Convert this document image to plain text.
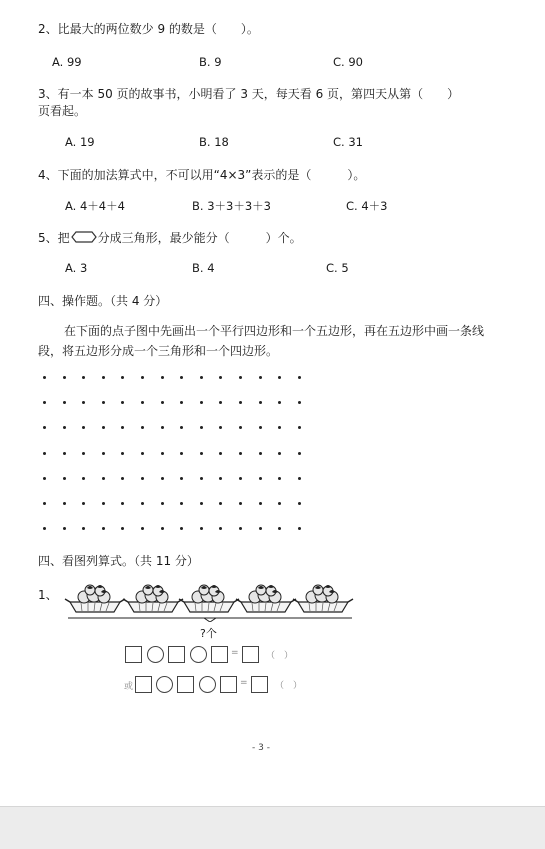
2、比最大的两位数少 9 的数是（　　）。
A. 99	B. 9	C. 90
3、有一本 50 页的故事书，小明看了 3 天，每天看 6 页，第四天从第（　　）
页看起。
A. 19	B. 18	C. 31
4、下面的加法算式中，不可以用“4×3”表示的是（　　　）。
A. 4＋4＋4	B. 3＋3＋3＋3	C. 4＋3
5、把 分成三角形，最少能分（　　　）个。
A. 3	B. 4	C. 5
四、操作题。（共 4 分）
在下面的点子图中先画出一个平行四边形和一个五边形，再在五边形中画一条线段，将五边形分成一个三角形和一个四边形。
四、看图列算式。（共 11 分）
1、
?个
=	（　）
或	=	（　）
- 3 -
